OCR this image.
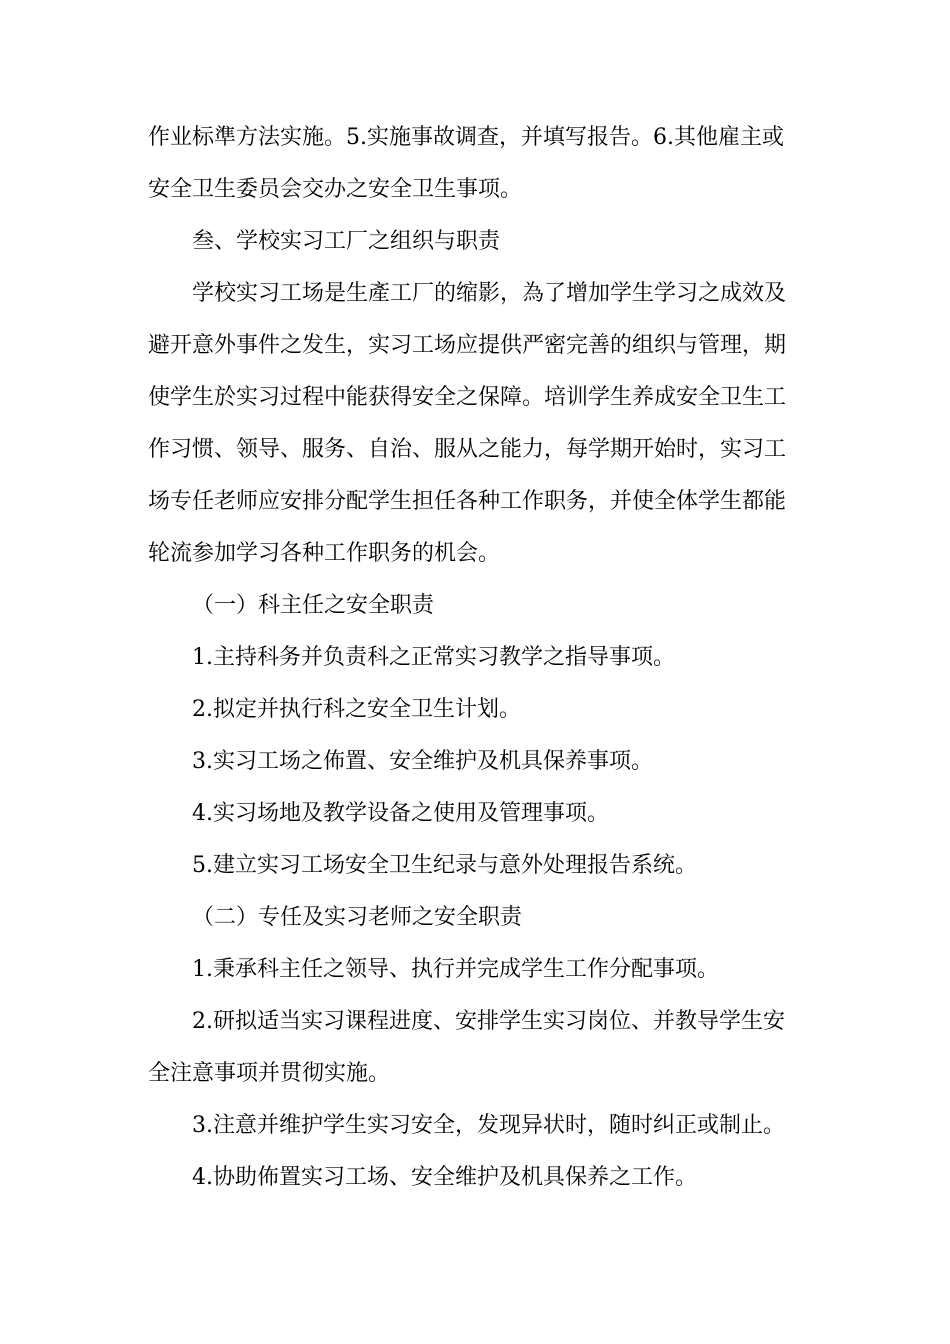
作业标準方法实施。5.实施事故调查，并填写报告。6.其他雇主或
安全卫生委员会交办之安全卫生事项。
叁、学校实习工厂之组织与职责
学校实习工场是生產工厂的缩影，為了增加学生学习之成效及
避开意外事件之发生，实习工场应提供严密完善的组织与管理，期
使学生於实习过程中能获得安全之保障。培训学生养成安全卫生工
作习惯、领导、服务、自治、服从之能力，每学期开始时，实习工
场专任老师应安排分配学生担任各种工作职务，并使全体学生都能
轮流参加学习各种工作职务的机会。
（一）科主任之安全职责
1.主持科务并负责科之正常实习教学之指导事项。
2.拟定并执行科之安全卫生计划。
3.实习工场之佈置、安全维护及机具保养事项。
4.实习场地及教学设备之使用及管理事项。
5.建立实习工场安全卫生纪录与意外处理报告系统。
（二）专任及实习老师之安全职责
1.秉承科主任之领导、执行并完成学生工作分配事项。
2.研拟适当实习课程进度、安排学生实习岗位、并教导学生安
全注意事项并贯彻实施。
3.注意并维护学生实习安全，发现异状时，随时纠正或制止。
4.协助佈置实习工场、安全维护及机具保养之工作。
